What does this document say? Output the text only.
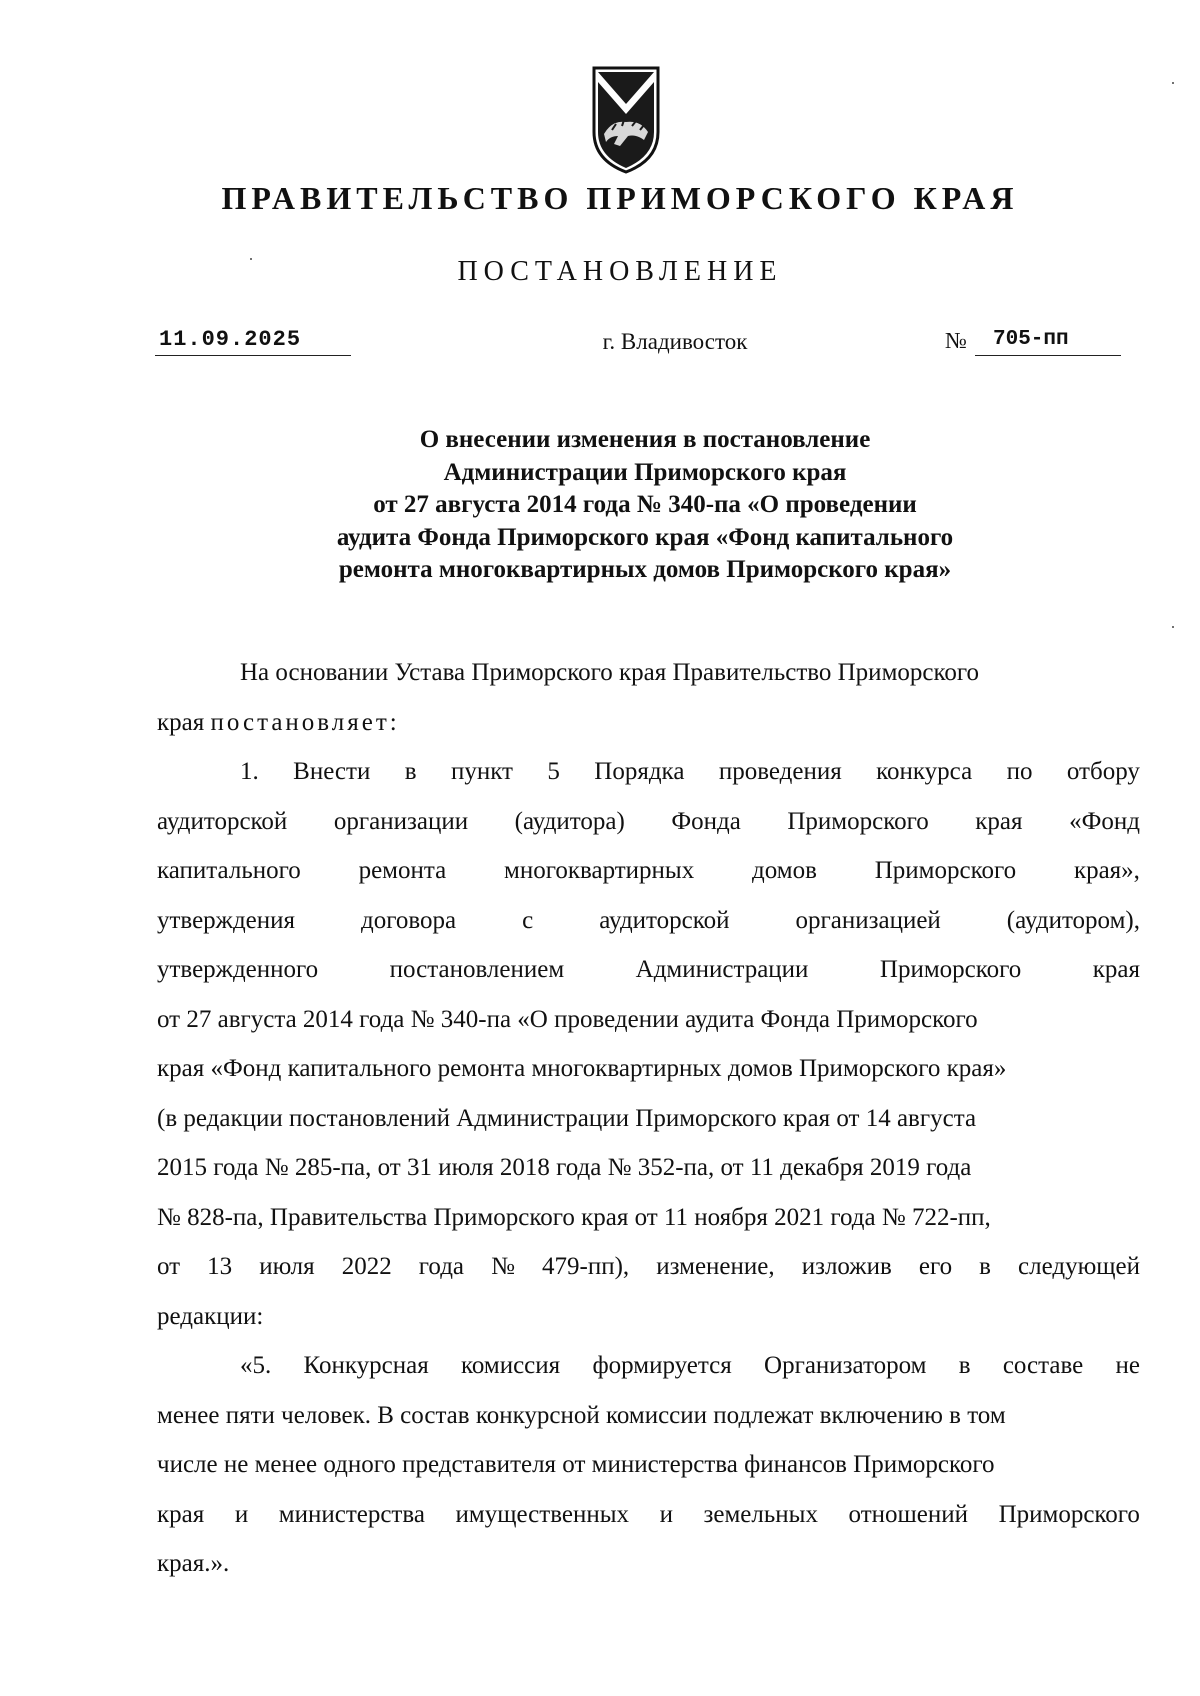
ПРАВИТЕЛЬСТВО ПРИМОРСКОГО КРАЯ
ПОСТАНОВЛЕНИЕ
11.09.2025	г. Владивосток	№	705-пп
О внесении изменения в постановление
Администрации Приморского края
от 27 августа 2014 года № 340-па «О проведении
аудита Фонда Приморского края «Фонд капитального
ремонта многоквартирных домов Приморского края»
На основании Устава Приморского края Правительство Приморского
края постановляет:
1. Внести в пункт 5 Порядка проведения конкурса по отбору
аудиторской организации (аудитора) Фонда Приморского края «Фонд
капитального ремонта многоквартирных домов Приморского края»,
утверждения	договора	с	аудиторской	организацией	(аудитором),
утвержденного	постановлением	Администрации	Приморского	края
от 27 августа 2014 года № 340-па «О проведении аудита Фонда Приморского
края «Фонд капитального ремонта многоквартирных домов Приморского края»
(в редакции постановлений Администрации Приморского края от 14 августа
2015 года № 285-па, от 31 июля 2018 года № 352-па, от 11 декабря 2019 года
№ 828-па, Правительства Приморского края от 11 ноября 2021 года № 722-пп,
от 13 июля 2022 года № 479-пп), изменение, изложив его в следующей
редакции:
«5. Конкурсная комиссия формируется Организатором в составе не
менее пяти человек. В состав конкурсной комиссии подлежат включению в том
числе не менее одного представителя от министерства финансов Приморского
края и министерства имущественных и земельных отношений Приморского
края.».
